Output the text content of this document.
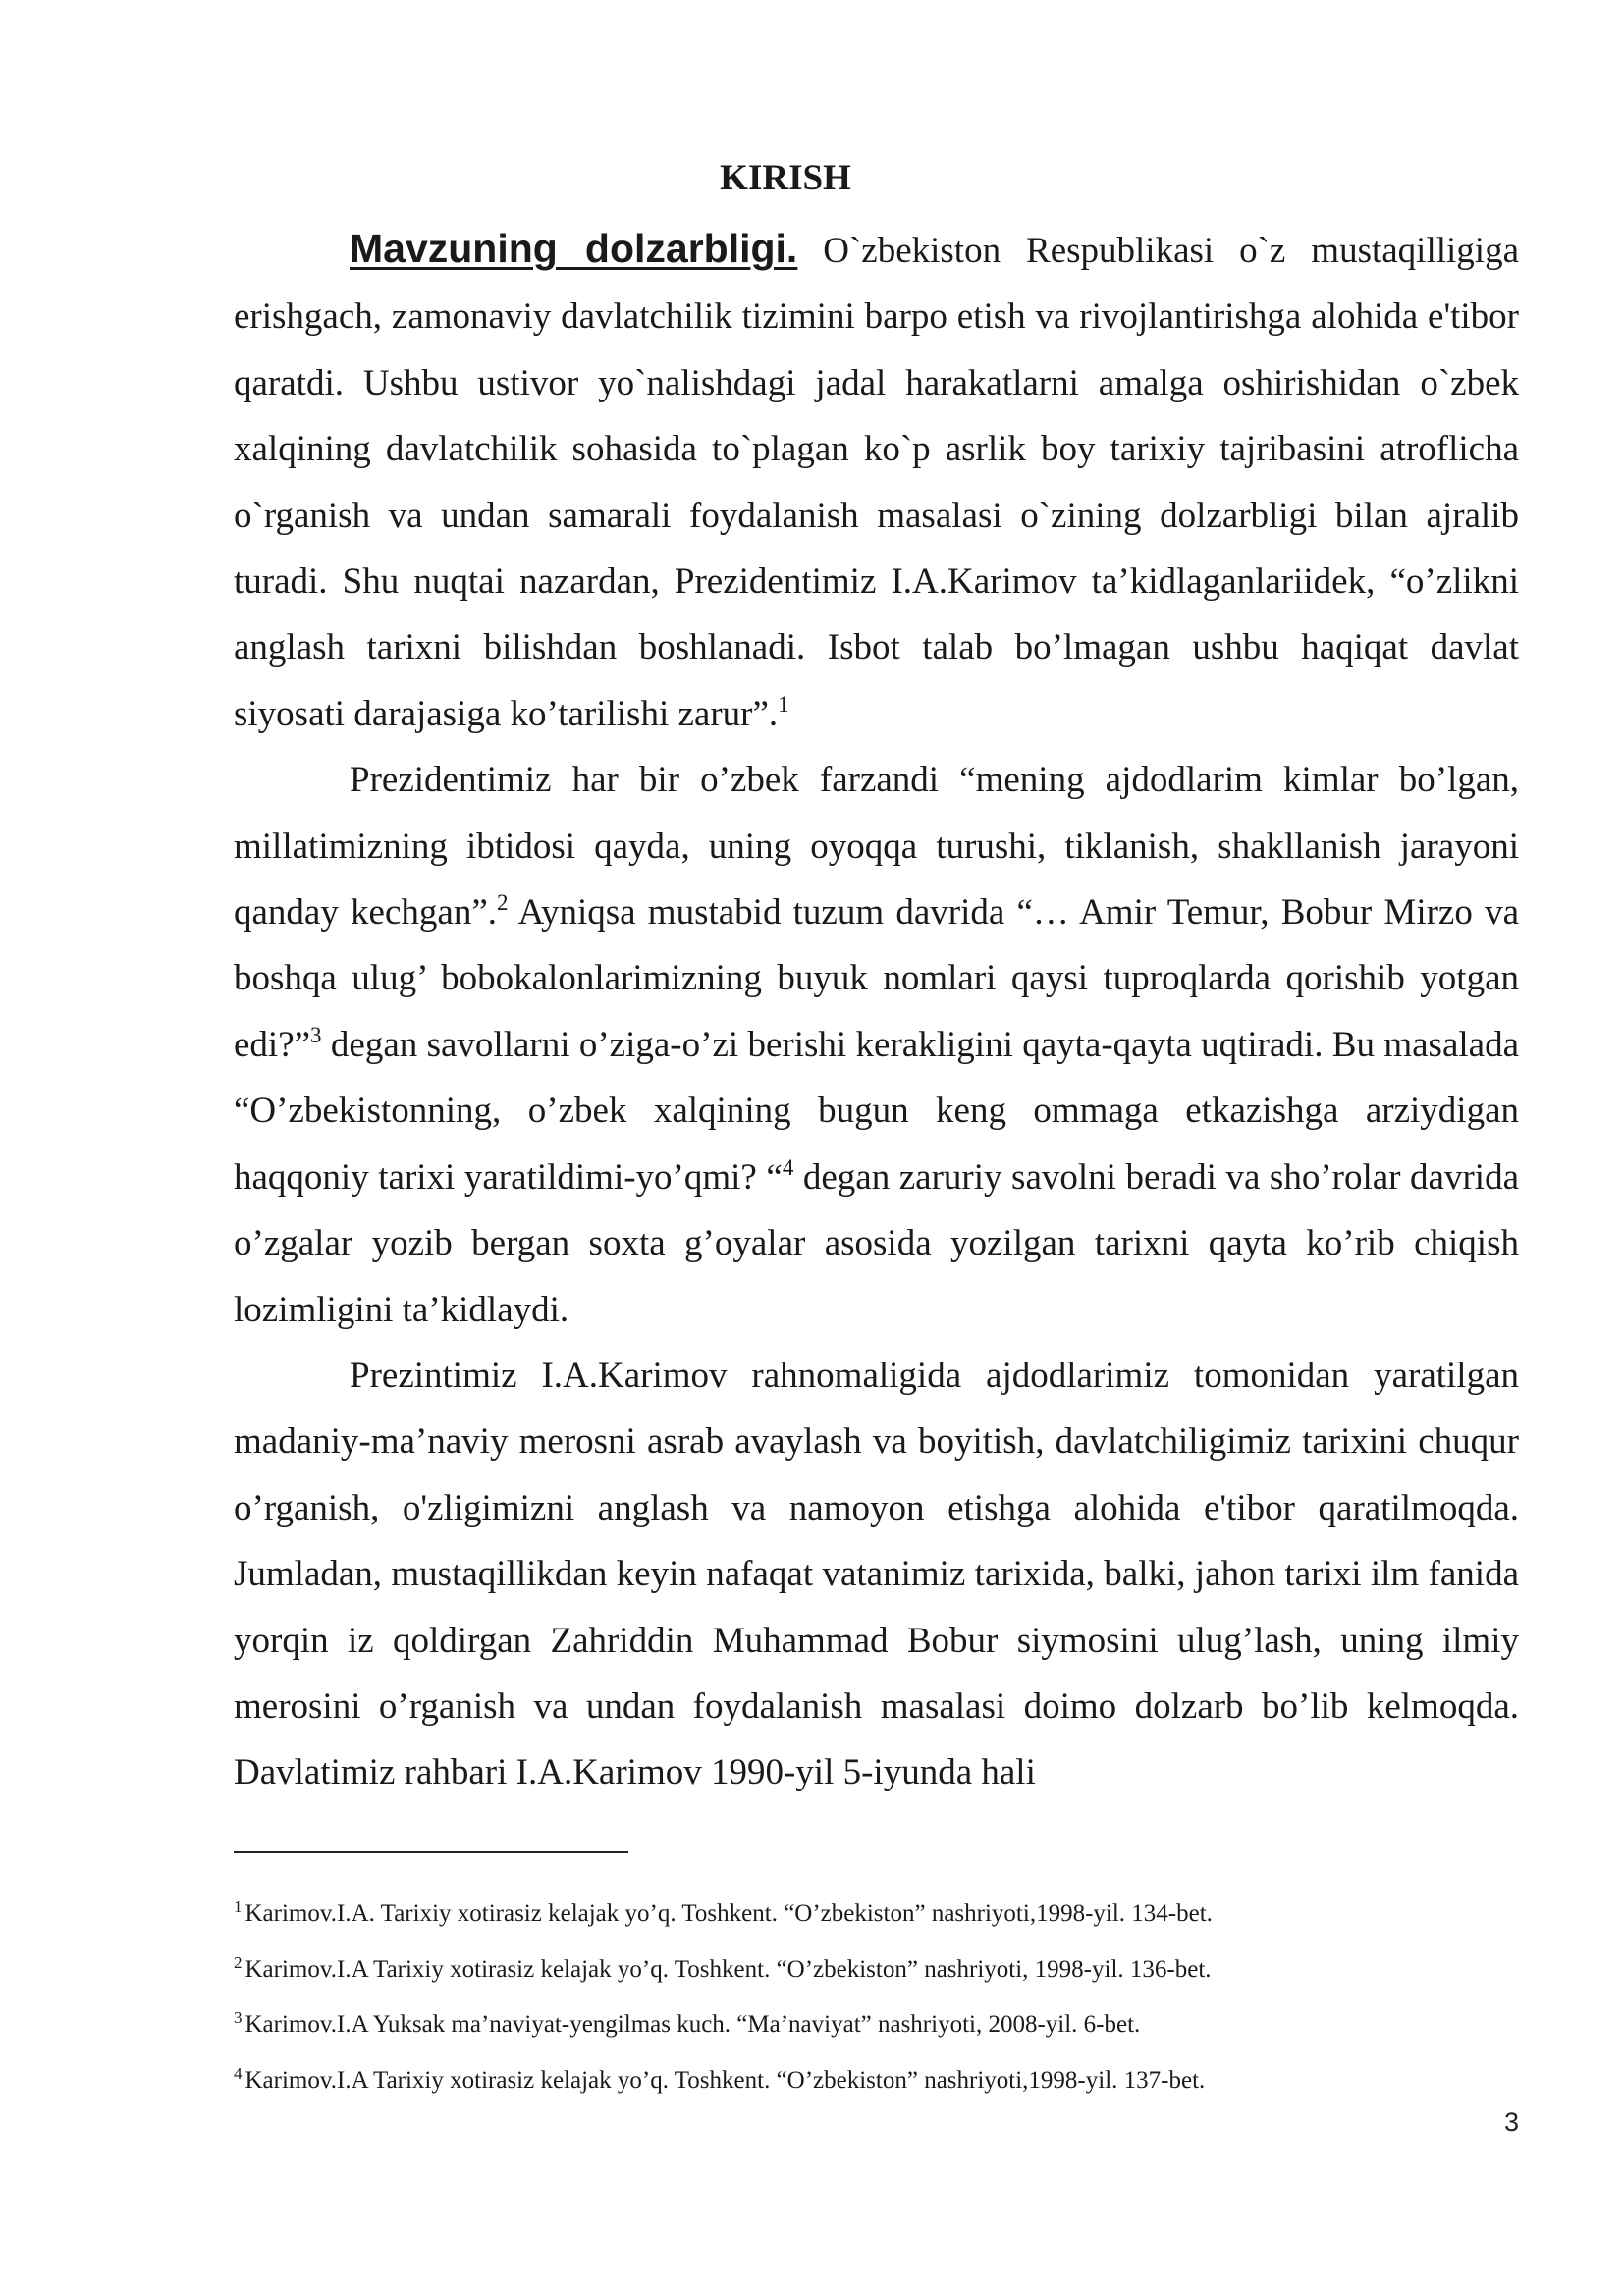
KIRISH

Mavzuning dolzarbligi. O`zbekiston Respublikasi o`z mustaqilligiga erishgach, zamonaviy davlatchilik tizimini barpo etish va rivojlantirishga alohida e'tibor qaratdi. Ushbu ustivor yo`nalishdagi jadal harakatlarni amalga oshirishidan o`zbek xalqining davlatchilik sohasida to`plagan ko`p asrlik boy tarixiy tajribasini atroflicha o`rganish va undan samarali foydalanish masalasi o`zining dolzarbligi bilan ajralib turadi. Shu nuqtai nazardan, Prezidentimiz I.A.Karimov ta’kidlaganlariidek, “o’zlikni anglash tarixni bilishdan boshlanadi. Isbot talab bo’lmagan ushbu haqiqat davlat siyosati darajasiga ko’tarilishi zarur”.$^1$

Prezidentimiz har bir o’zbek farzandi “mening ajdodlarim kimlar bo’lgan, millatimizning ibtidosi qayda, uning oyoqqa turushi, tiklanish, shakllanish jarayoni qanday kechgan”.$^2$ Ayniqsa mustabid tuzum davrida “… Amir Temur, Bobur Mirzo va boshqa ulug’ bobokalonlarimizning buyuk nomlari qaysi tuproqlarda qorishib yotgan edi?”$^3$ degan savollarni o’ziga-o’zi berishi kerakligini qayta-qayta uqtiradi. Bu masalada “O’zbekistonning, o’zbek xalqining bugun keng ommaga etkazishga arziydigan haqqoniy tarixi yaratildimi-yo’qmi? “$^4$ degan zaruriy savolni beradi va sho’rolar davrida o’zgalar yozib bergan soxta g’oyalar asosida yozilgan tarixni qayta ko’rib chiqish lozimligini ta’kidlaydi.

Prezintimiz I.A.Karimov rahnomaligida ajdodlarimiz tomonidan yaratilgan madaniy-ma’naviy merosni asrab avaylash va boyitish, davlatchiligimiz tarixini chuqur o’rganish, o'zligimizni anglash va namoyon etishga alohida e'tibor qaratilmoqda. Jumladan, mustaqillikdan keyin nafaqat vatanimiz tarixida, balki, jahon tarixi ilm fanida yorqin iz qoldirgan Zahriddin Muhammad Bobur siymosini ulug’lash, uning ilmiy merosini o’rganish va undan foydalanish masalasi doimo dolzarb bo’lib kelmoqda. Davlatimiz rahbari I.A.Karimov 1990-yil 5-iyunda hali

$^1$ Karimov.I.A. Tarixiy xotirasiz kelajak yo’q. Toshkent. “O’zbekiston” nashriyoti,1998-yil. 134-bet.
$^2$ Karimov.I.A Tarixiy xotirasiz kelajak yo’q. Toshkent. “O’zbekiston” nashriyoti, 1998-yil. 136-bet.
$^3$ Karimov.I.A Yuksak ma’naviyat-yengilmas kuch. “Ma’naviyat” nashriyoti, 2008-yil. 6-bet.
$^4$ Karimov.I.A Tarixiy xotirasiz kelajak yo’q. Toshkent. “O’zbekiston” nashriyoti,1998-yil. 137-bet.
3
